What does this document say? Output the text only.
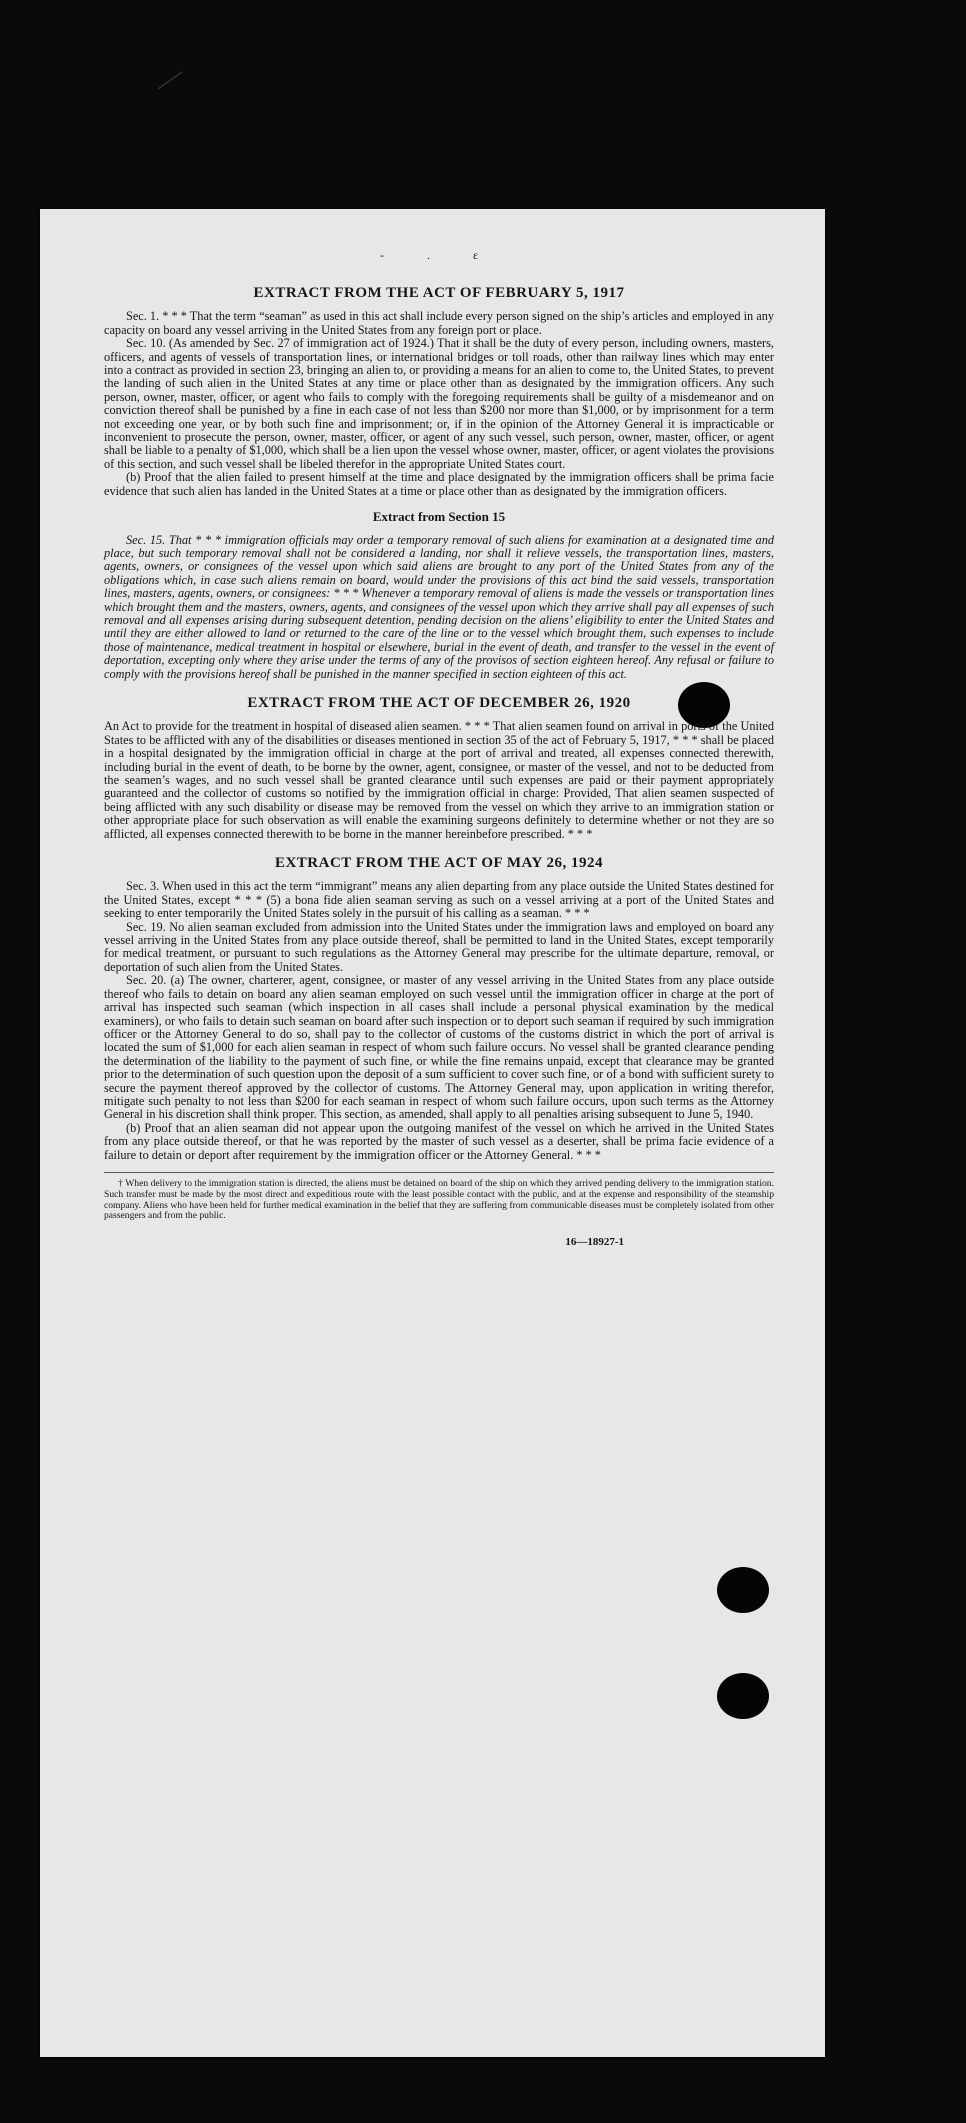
- . ɛ
EXTRACT FROM THE ACT OF FEBRUARY 5, 1917

Sec. 1. * * * That the term “seaman” as used in this act shall include every person signed on the ship’s articles and employed in any capacity on board any vessel arriving in the United States from any foreign port or place.

Sec. 10. (As amended by Sec. 27 of immigration act of 1924.) That it shall be the duty of every person, including owners, masters, officers, and agents of vessels of transportation lines, or international bridges or toll roads, other than railway lines which may enter into a contract as provided in section 23, bringing an alien to, or providing a means for an alien to come to, the United States, to prevent the landing of such alien in the United States at any time or place other than as designated by the immigration officers. Any such person, owner, master, officer, or agent who fails to comply with the foregoing requirements shall be guilty of a misdemeanor and on conviction thereof shall be punished by a fine in each case of not less than $200 nor more than $1,000, or by imprisonment for a term not exceeding one year, or by both such fine and imprisonment; or, if in the opinion of the Attorney General it is impracticable or inconvenient to prosecute the person, owner, master, officer, or agent of any such vessel, such person, owner, master, officer, or agent shall be liable to a penalty of $1,000, which shall be a lien upon the vessel whose owner, master, officer, or agent violates the provisions of this section, and such vessel shall be libeled therefor in the appropriate United States court.

(b) Proof that the alien failed to present himself at the time and place designated by the immigration officers shall be prima facie evidence that such alien has landed in the United States at a time or place other than as designated by the immigration officers.

Extract from Section 15

Sec. 15. That * * * immigration officials may order a temporary removal of such aliens for examination at a designated time and place, but such temporary removal shall not be considered a landing, nor shall it relieve vessels, the transportation lines, masters, agents, owners, or consignees of the vessel upon which said aliens are brought to any port of the United States from any of the obligations which, in case such aliens remain on board, would under the provisions of this act bind the said vessels, transportation lines, masters, agents, owners, or consignees: * * * Whenever a temporary removal of aliens is made the vessels or transportation lines which brought them and the masters, owners, agents, and consignees of the vessel upon which they arrive shall pay all expenses of such removal and all expenses arising during subsequent detention, pending decision on the aliens’ eligibility to enter the United States and until they are either allowed to land or returned to the care of the line or to the vessel which brought them, such expenses to include those of maintenance, medical treatment in hospital or elsewhere, burial in the event of death, and transfer to the vessel in the event of deportation, excepting only where they arise under the terms of any of the provisos of section eighteen hereof. Any refusal or failure to comply with the provisions hereof shall be punished in the manner specified in section eighteen of this act.

EXTRACT FROM THE ACT OF DECEMBER 26, 1920

An Act to provide for the treatment in hospital of diseased alien seamen. * * * That alien seamen found on arrival in ports of the United States to be afflicted with any of the disabilities or diseases mentioned in section 35 of the act of February 5, 1917, * * * shall be placed in a hospital designated by the immigration official in charge at the port of arrival and treated, all expenses connected therewith, including burial in the event of death, to be borne by the owner, agent, consignee, or master of the vessel, and not to be deducted from the seamen’s wages, and no such vessel shall be granted clearance until such expenses are paid or their payment appropriately guaranteed and the collector of customs so notified by the immigration official in charge: Provided, That alien seamen suspected of being afflicted with any such disability or disease may be removed from the vessel on which they arrive to an immigration station or other appropriate place for such observation as will enable the examining surgeons definitely to determine whether or not they are so afflicted, all expenses connected therewith to be borne in the manner hereinbefore prescribed. * * *

EXTRACT FROM THE ACT OF MAY 26, 1924

Sec. 3. When used in this act the term “immigrant” means any alien departing from any place outside the United States destined for the United States, except * * * (5) a bona fide alien seaman serving as such on a vessel arriving at a port of the United States and seeking to enter temporarily the United States solely in the pursuit of his calling as a seaman. * * *

Sec. 19. No alien seaman excluded from admission into the United States under the immigration laws and employed on board any vessel arriving in the United States from any place outside thereof, shall be permitted to land in the United States, except temporarily for medical treatment, or pursuant to such regulations as the Attorney General may prescribe for the ultimate departure, removal, or deportation of such alien from the United States.

Sec. 20. (a) The owner, charterer, agent, consignee, or master of any vessel arriving in the United States from any place outside thereof who fails to detain on board any alien seaman employed on such vessel until the immigration officer in charge at the port of arrival has inspected such seaman (which inspection in all cases shall include a personal physical examination by the medical examiners), or who fails to detain such seaman on board after such inspection or to deport such seaman if required by such immigration officer or the Attorney General to do so, shall pay to the collector of customs of the customs district in which the port of arrival is located the sum of $1,000 for each alien seaman in respect of whom such failure occurs. No vessel shall be granted clearance pending the determination of the liability to the payment of such fine, or while the fine remains unpaid, except that clearance may be granted prior to the determination of such question upon the deposit of a sum sufficient to cover such fine, or of a bond with sufficient surety to secure the payment thereof approved by the collector of customs. The Attorney General may, upon application in writing therefor, mitigate such penalty to not less than $200 for each seaman in respect of whom such failure occurs, upon such terms as the Attorney General in his discretion shall think proper. This section, as amended, shall apply to all penalties arising subsequent to June 5, 1940.

(b) Proof that an alien seaman did not appear upon the outgoing manifest of the vessel on which he arrived in the United States from any place outside thereof, or that he was reported by the master of such vessel as a deserter, shall be prima facie evidence of a failure to detain or deport after requirement by the immigration officer or the Attorney General. * * *

† When delivery to the immigration station is directed, the aliens must be detained on board of the ship on which they arrived pending delivery to the immigration station. Such transfer must be made by the most direct and expeditious route with the least possible contact with the public, and at the expense and responsibility of the steamship company. Aliens who have been held for further medical examination in the belief that they are suffering from communicable diseases must be completely isolated from other passengers and from the public.

16—18927-1
